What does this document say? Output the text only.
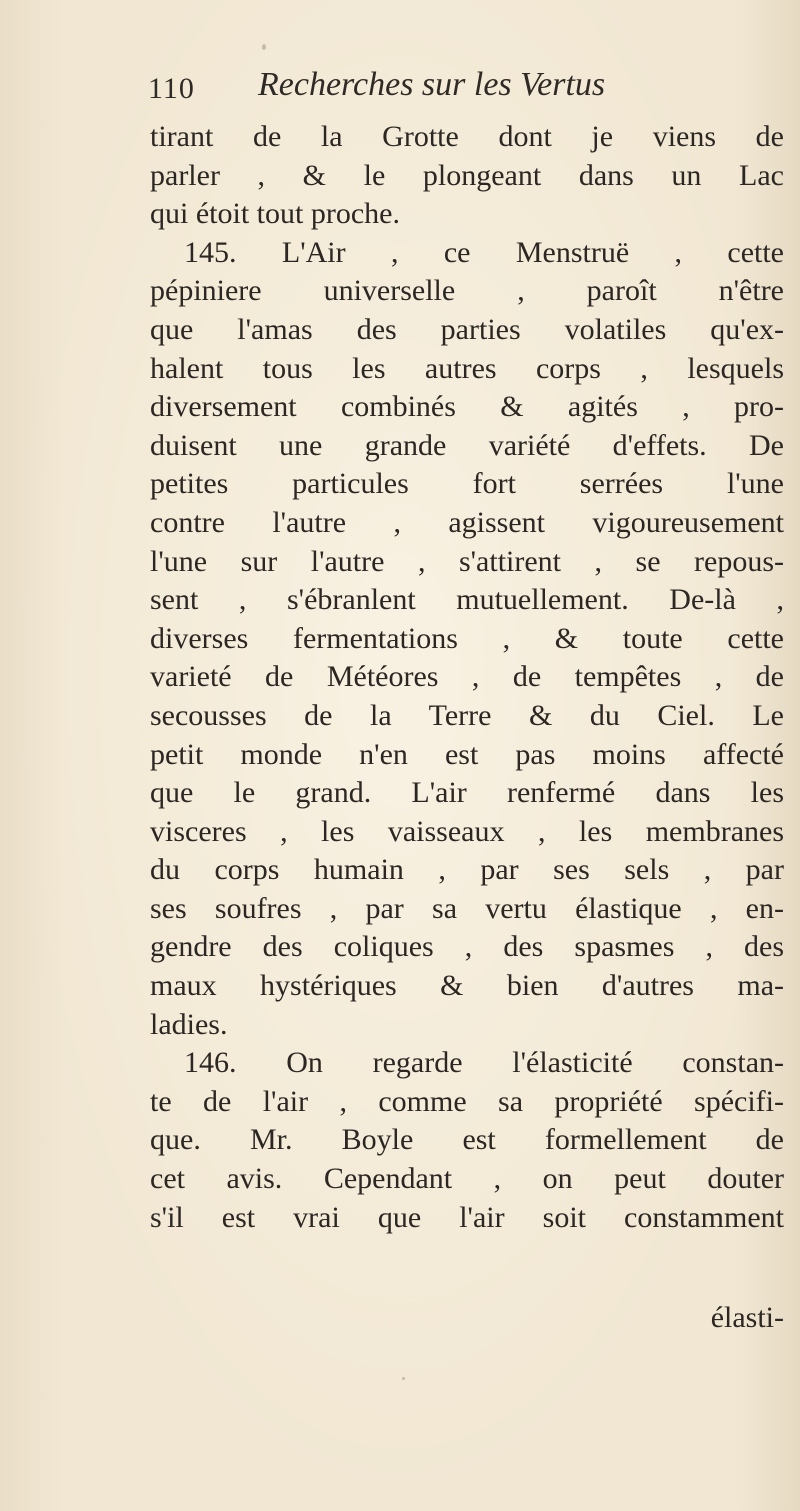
110 Recherches sur les Vertus
tirant de la Grotte dont je viens de
parler , & le plongeant dans un Lac
qui étoit tout proche.
145. L'Air , ce Menstruë , cette
pépiniere universelle , paroît n'être
que l'amas des parties volatiles qu'ex-
halent tous les autres corps , lesquels
diversement combinés & agités , pro-
duisent une grande variété d'effets. De
petites particules fort serrées l'une
contre l'autre , agissent vigoureusement
l'une sur l'autre , s'attirent , se repous-
sent , s'ébranlent mutuellement. De-là ,
diverses fermentations , & toute cette
varieté de Météores , de tempêtes , de
secousses de la Terre & du Ciel. Le
petit monde n'en est pas moins affecté
que le grand. L'air renfermé dans les
visceres , les vaisseaux , les membranes
du corps humain , par ses sels , par
ses soufres , par sa vertu élastique , en-
gendre des coliques , des spasmes , des
maux hystériques & bien d'autres ma-
ladies.
146. On regarde l'élasticité constan-
te de l'air , comme sa propriété spécifi-
que. Mr. Boyle est formellement de
cet avis. Cependant , on peut douter
s'il est vrai que l'air soit constamment
élasti-
